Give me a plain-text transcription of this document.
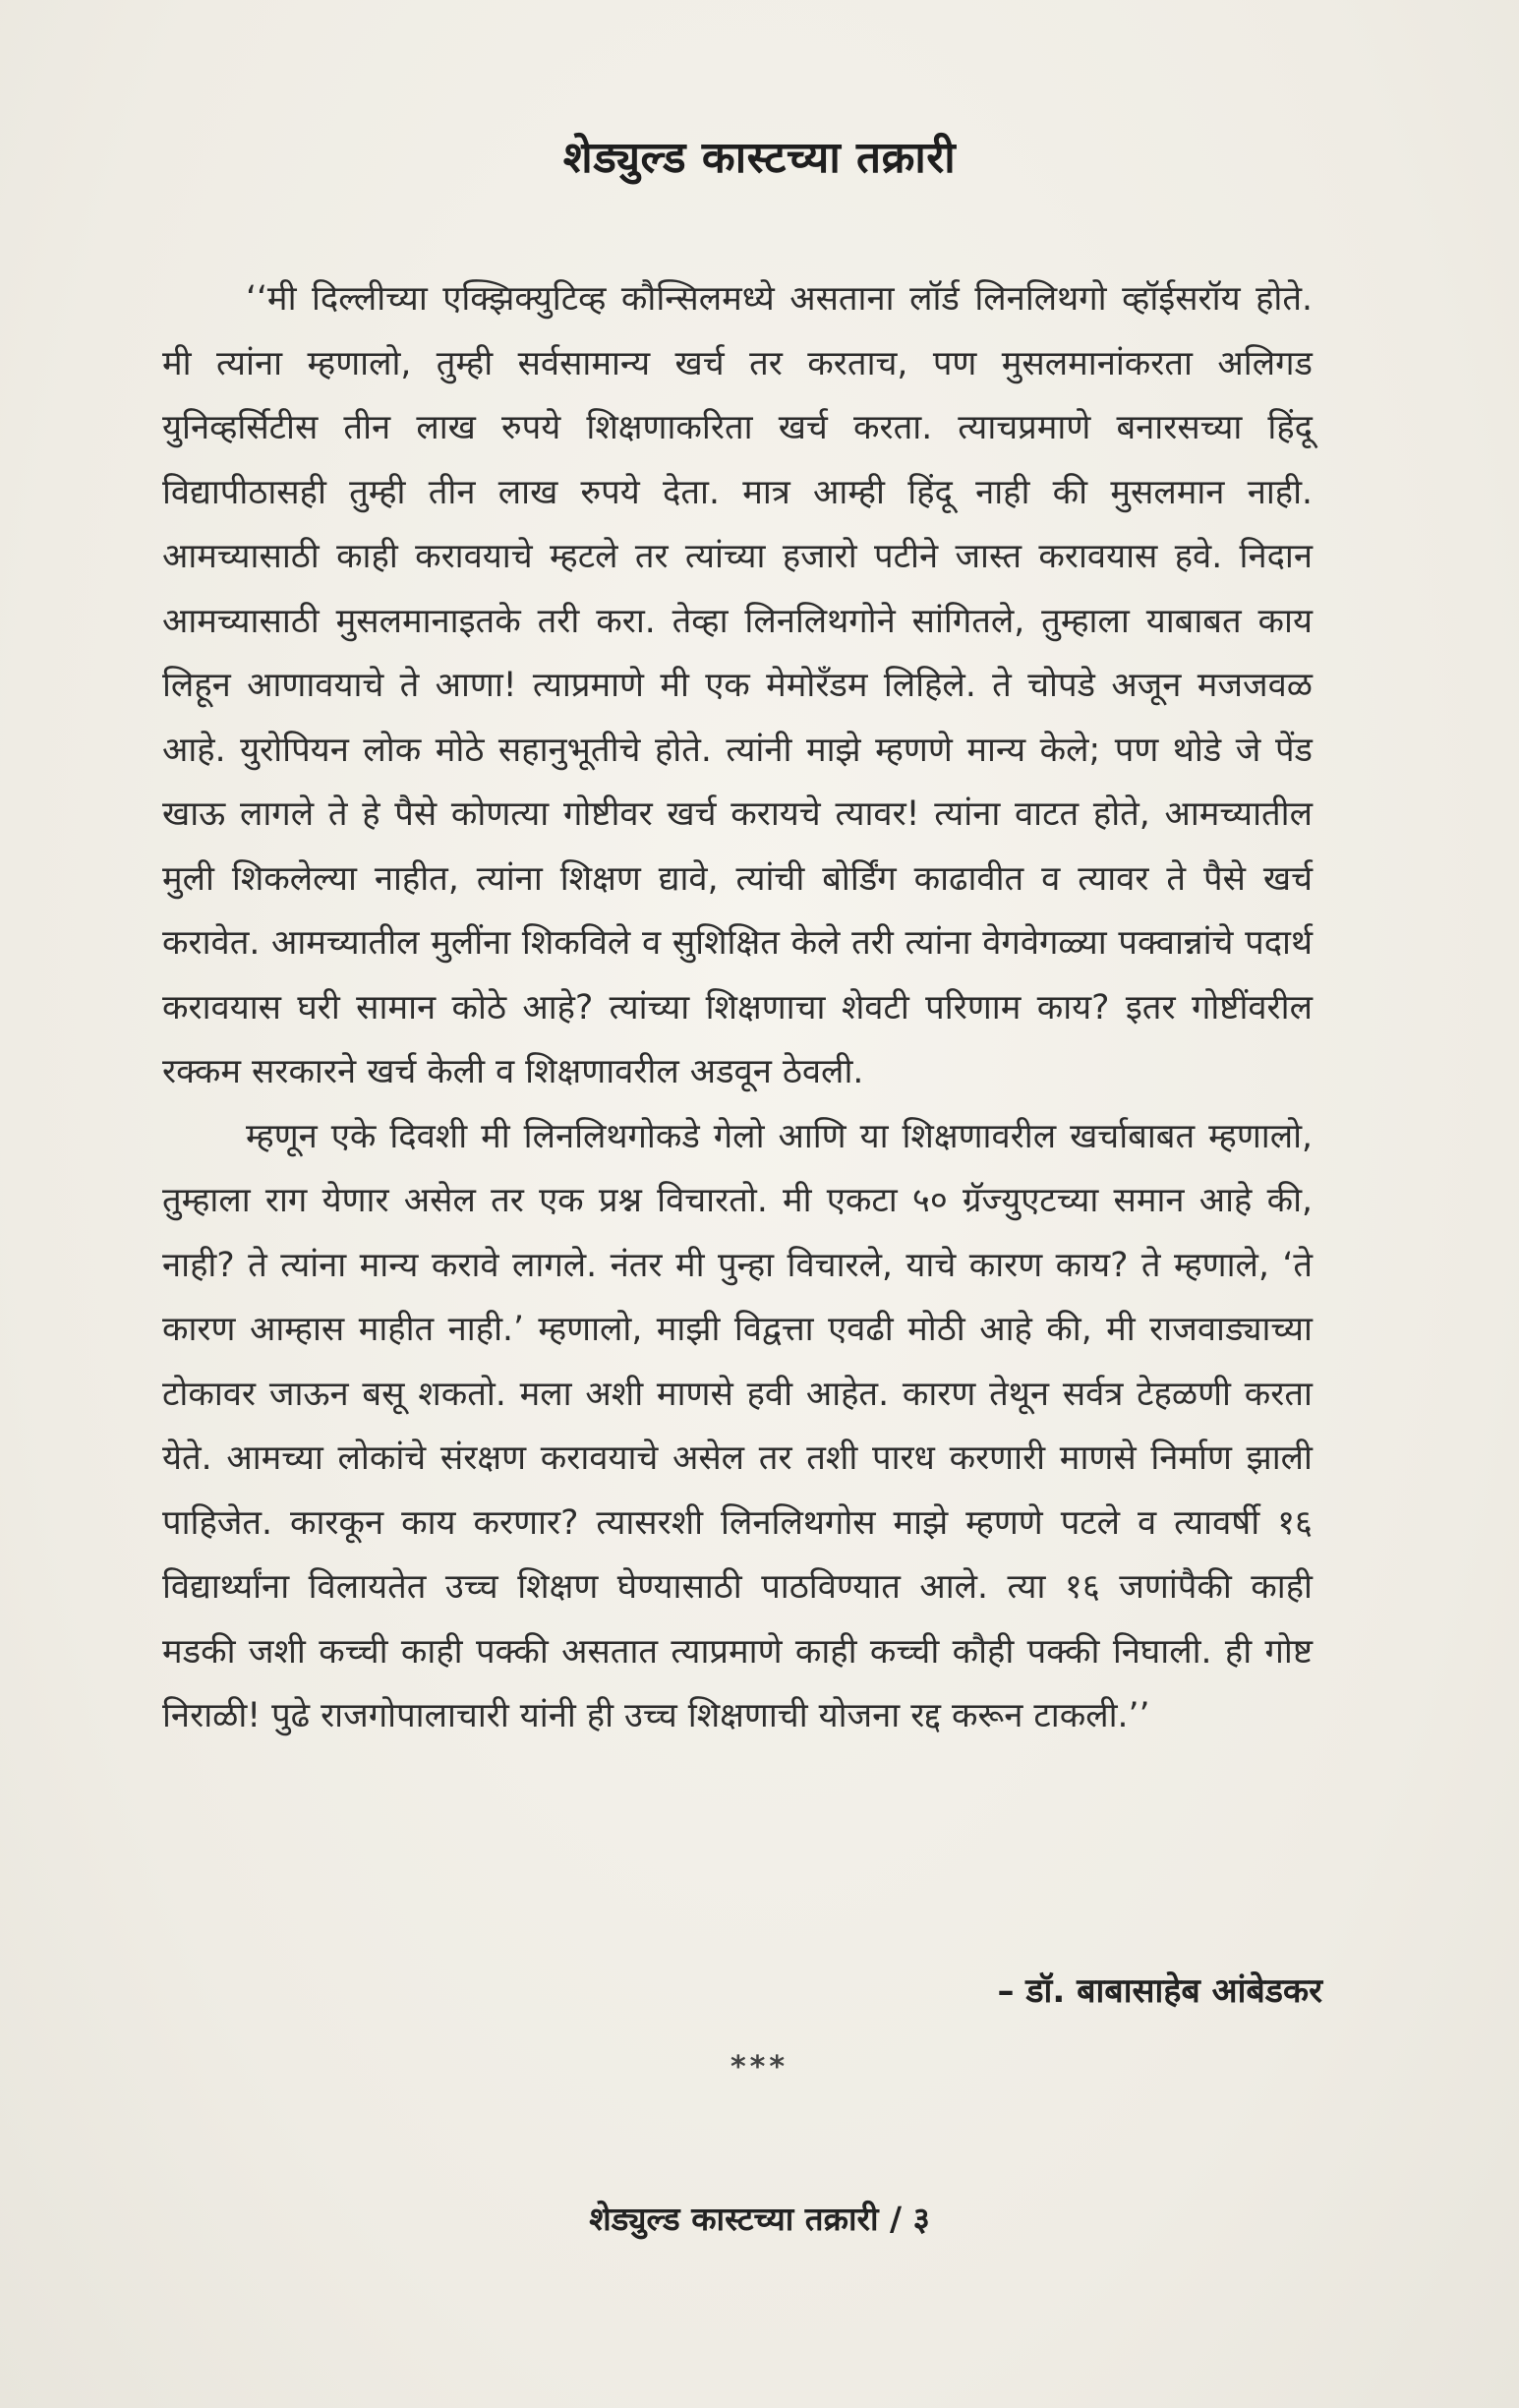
शेड्युल्ड कास्टच्या तक्रारी

‘‘मी दिल्लीच्या एक्झिक्युटिव्ह कौन्सिलमध्ये असताना लॉर्ड लिनलिथगो व्हॉईसरॉय होते. मी त्यांना म्हणालो, तुम्ही सर्वसामान्य खर्च तर करताच, पण मुसलमानांकरता अलिगड युनिव्हर्सिटीस तीन लाख रुपये शिक्षणाकरिता खर्च करता. त्याचप्रमाणे बनारसच्या हिंदू विद्यापीठासही तुम्ही तीन लाख रुपये देता. मात्र आम्ही हिंदू नाही की मुसलमान नाही. आमच्यासाठी काही करावयाचे म्हटले तर त्यांच्या हजारो पटीने जास्त करावयास हवे. निदान आमच्यासाठी मुसलमानाइतके तरी करा. तेव्हा लिनलिथगोने सांगितले, तुम्हाला याबाबत काय लिहून आणावयाचे ते आणा! त्याप्रमाणे मी एक मेमोरँडम लिहिले. ते चोपडे अजून मजजवळ आहे. युरोपियन लोक मोठे सहानुभूतीचे होते. त्यांनी माझे म्हणणे मान्य केले; पण थोडे जे पेंड खाऊ लागले ते हे पैसे कोणत्या गोष्टीवर खर्च करायचे त्यावर! त्यांना वाटत होते, आमच्यातील मुली शिकलेल्या नाहीत, त्यांना शिक्षण द्यावे, त्यांची बोर्डिंग काढावीत व त्यावर ते पैसे खर्च करावेत. आमच्यातील मुलींना शिकविले व सुशिक्षित केले तरी त्यांना वेगवेगळ्या पक्वान्नांचे पदार्थ करावयास घरी सामान कोठे आहे? त्यांच्या शिक्षणाचा शेवटी परिणाम काय? इतर गोष्टींवरील रक्कम सरकारने खर्च केली व शिक्षणावरील अडवून ठेवली.

म्हणून एके दिवशी मी लिनलिथगोकडे गेलो आणि या शिक्षणावरील खर्चाबाबत म्हणालो, तुम्हाला राग येणार असेल तर एक प्रश्न विचारतो. मी एकटा ५० ग्रॅज्युएटच्या समान आहे की, नाही? ते त्यांना मान्य करावे लागले. नंतर मी पुन्हा विचारले, याचे कारण काय? ते म्हणाले, ‘ते कारण आम्हास माहीत नाही.’ म्हणालो, माझी विद्वत्ता एवढी मोठी आहे की, मी राजवाड्याच्या टोकावर जाऊन बसू शकतो. मला अशी माणसे हवी आहेत. कारण तेथून सर्वत्र टेहळणी करता येते. आमच्या लोकांचे संरक्षण करावयाचे असेल तर तशी पारध करणारी माणसे निर्माण झाली पाहिजेत. कारकून काय करणार? त्यासरशी लिनलिथगोस माझे म्हणणे पटले व त्यावर्षी १६ विद्यार्थ्यांना विलायतेत उच्च शिक्षण घेण्यासाठी पाठविण्यात आले. त्या १६ जणांपैकी काही मडकी जशी कच्ची काही पक्की असतात त्याप्रमाणे काही कच्ची कौही पक्की निघाली. ही गोष्ट निराळी! पुढे राजगोपालाचारी यांनी ही उच्च शिक्षणाची योजना रद्द करून टाकली.’’

– डॉ. बाबासाहेब आंबेडकर
***
शेड्युल्ड कास्टच्या तक्रारी / ३
